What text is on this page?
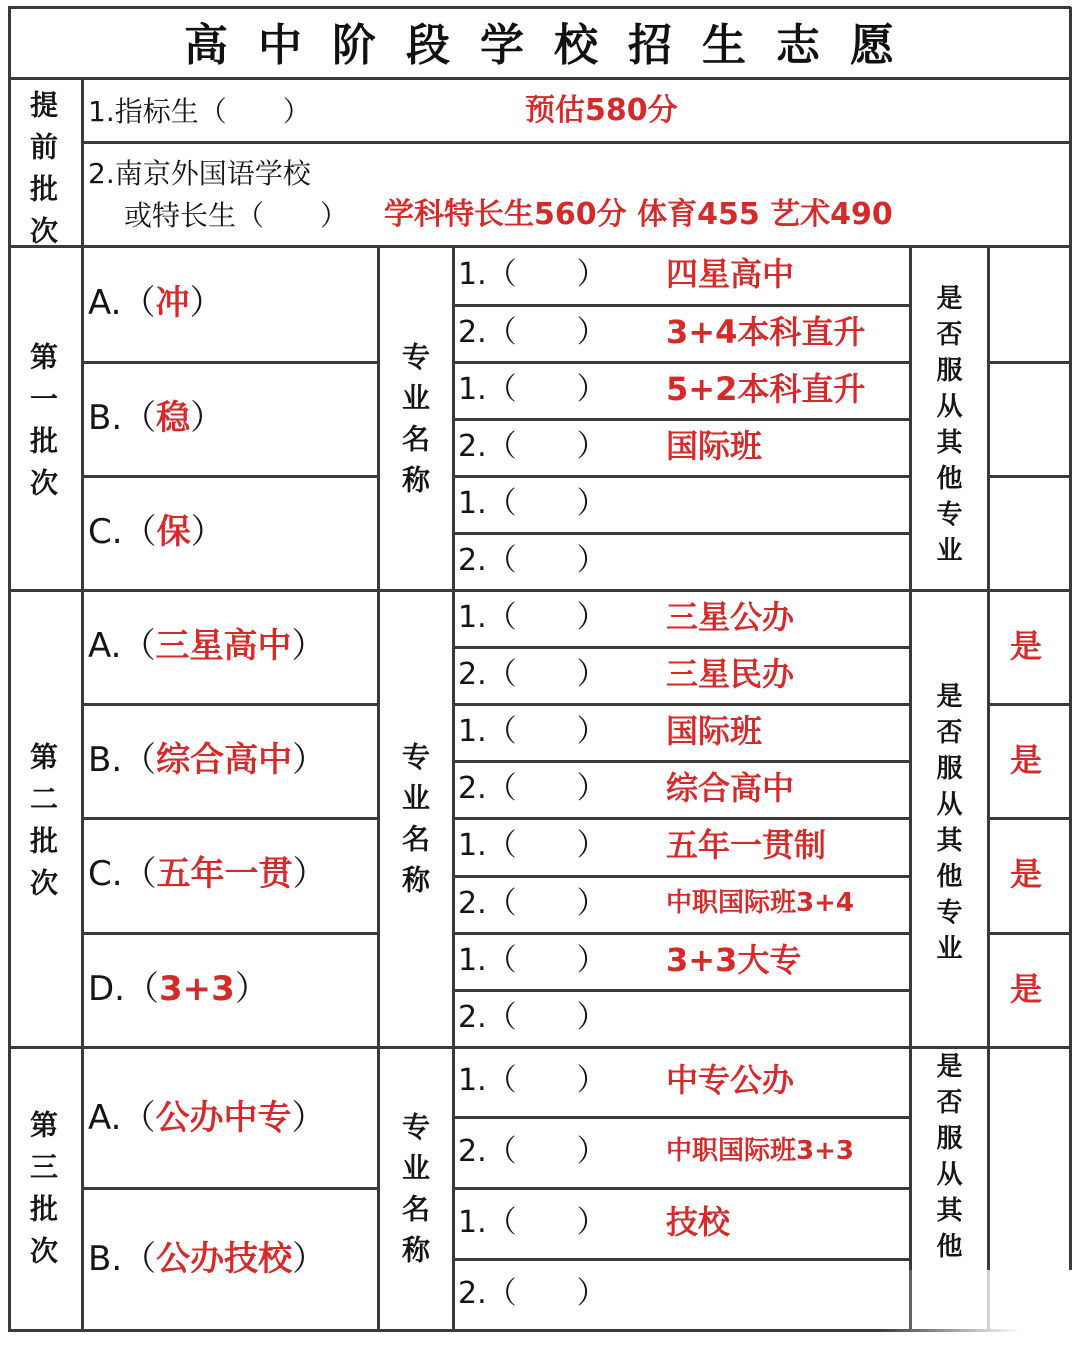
高中阶段学校招生志愿
提前批次 1.指标生（　　）	预估580分
2.南京外国语学校
或特长生（　　） 学科特长生560分 体育455 艺术490
第一批次
第二批次
第三批次
专业名称
专业名称
专业名称
是否服从其他专业
是否服从其他专业
是否服从其他
A.（冲）
B.（稳）
C.（保）
A.（三星高中）
B.（综合高中）
C.（五年一贯）
D.（3+3）
A.（公办中专）
B.（公办技校）
1.（　　） 四星高中
2.（　　） 3+4本科直升
1.（　　） 5+2本科直升
2.（　　） 国际班
1.（　　）
2.（　　）
1.（　　） 三星公办
2.（　　） 三星民办
1.（　　） 国际班
2.（　　） 综合高中
1.（　　） 五年一贯制
2.（　　） 中职国际班3+4
1.（　　） 3+3大专
2.（　　）
1.（　　） 中专公办
2.（　　） 中职国际班3+3
1.（　　） 技校
2.（　　）
是
是
是
是
